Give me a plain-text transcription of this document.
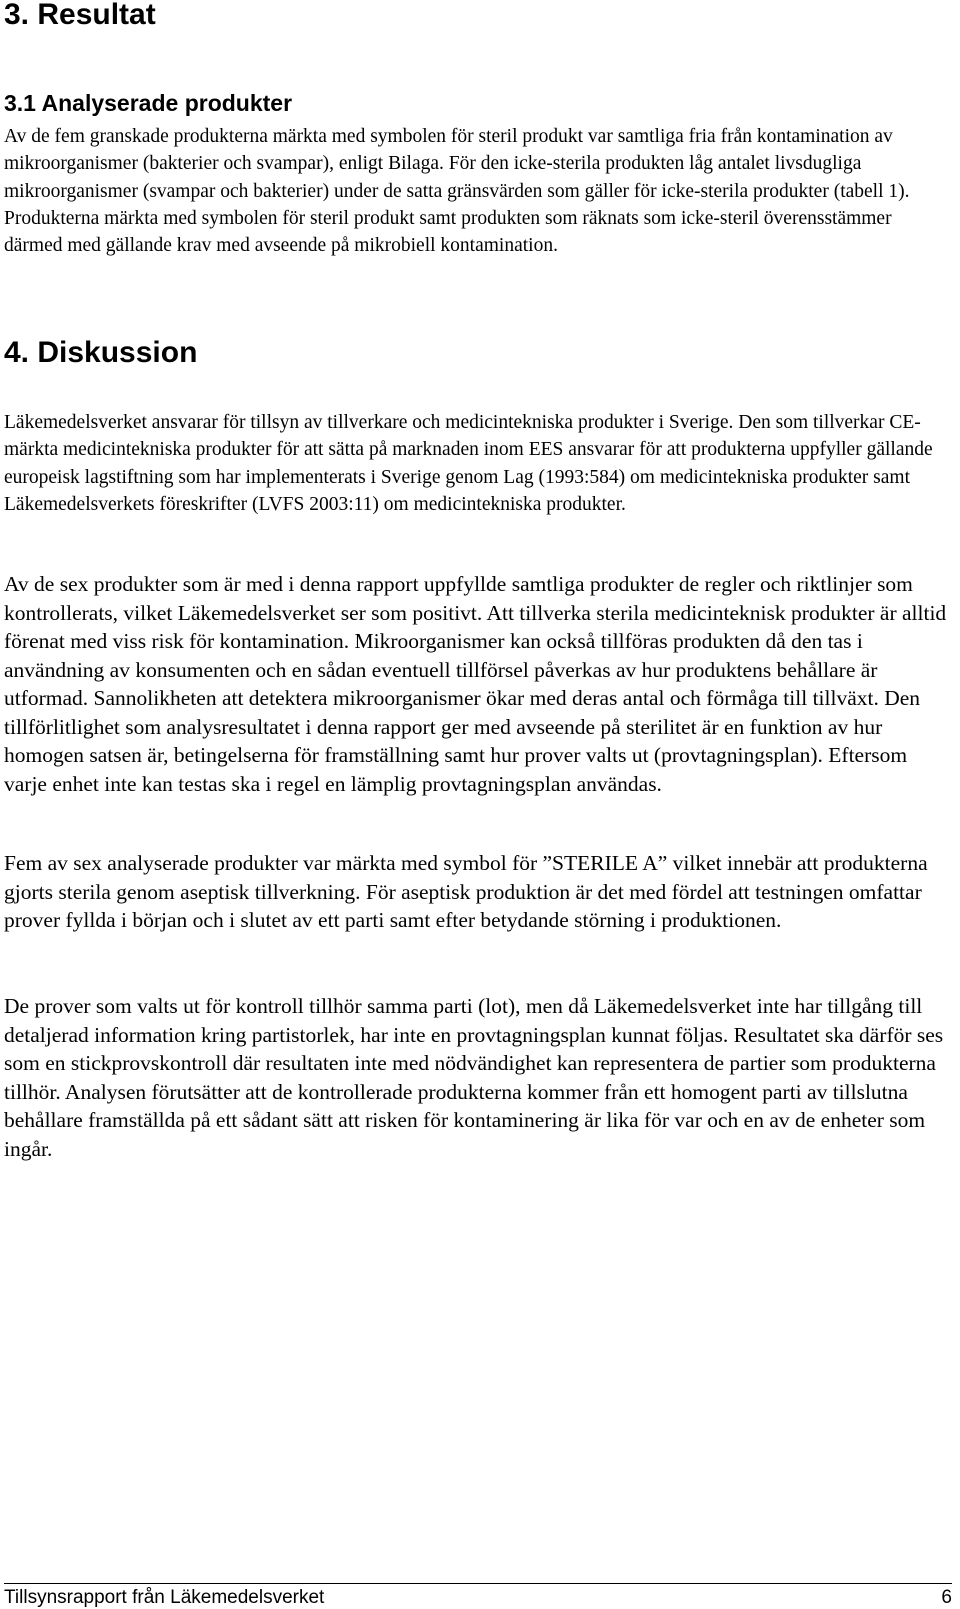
3. Resultat
3.1 Analyserade produkter

Av de fem granskade produkterna märkta med symbolen för steril produkt var samtliga fria från kontamination av mikroorganismer (bakterier och svampar), enligt Bilaga. För den icke-sterila produkten låg antalet livsdugliga mikroorganismer (svampar och bakterier) under de satta gränsvärden som gäller för icke-sterila produkter (tabell 1). Produkterna märkta med symbolen för steril produkt samt produkten som räknats som icke-steril överensstämmer därmed med gällande krav med avseende på mikrobiell kontamination.

4. Diskussion

Läkemedelsverket ansvarar för tillsyn av tillverkare och medicintekniska produkter i Sverige. Den som tillverkar CE-märkta medicintekniska produkter för att sätta på marknaden inom EES ansvarar för att produkterna uppfyller gällande europeisk lagstiftning som har implementerats i Sverige genom Lag (1993:584) om medicintekniska produkter samt Läkemedelsverkets föreskrifter (LVFS 2003:11) om medicintekniska produkter.

Av de sex produkter som är med i denna rapport uppfyllde samtliga produkter de regler och riktlinjer som kontrollerats, vilket Läkemedelsverket ser som positivt. Att tillverka sterila medicinteknisk produkter är alltid förenat med viss risk för kontamination. Mikroorganismer kan också tillföras produkten då den tas i användning av konsumenten och en sådan eventuell tillförsel påverkas av hur produktens behållare är utformad. Sannolikheten att detektera mikroorganismer ökar med deras antal och förmåga till tillväxt. Den tillförlitlighet som analysresultatet i denna rapport ger med avseende på sterilitet är en funktion av hur homogen satsen är, betingelserna för framställning samt hur prover valts ut (provtagningsplan). Eftersom varje enhet inte kan testas ska i regel en lämplig provtagningsplan användas.

Fem av sex analyserade produkter var märkta med symbol för ”STERILE A” vilket innebär att produkterna gjorts sterila genom aseptisk tillverkning. För aseptisk produktion är det med fördel att testningen omfattar prover fyllda i början och i slutet av ett parti samt efter betydande störning i produktionen.

De prover som valts ut för kontroll tillhör samma parti (lot), men då Läkemedelsverket inte har tillgång till detaljerad information kring partistorlek, har inte en provtagningsplan kunnat följas. Resultatet ska därför ses som en stickprovskontroll där resultaten inte med nödvändighet kan representera de partier som produkterna tillhör. Analysen förutsätter att de kontrollerade produkterna kommer från ett homogent parti av tillslutna behållare framställda på ett sådant sätt att risken för kontaminering är lika för var och en av de enheter som ingår.

Tillsynsrapport från Läkemedelsverket	6
